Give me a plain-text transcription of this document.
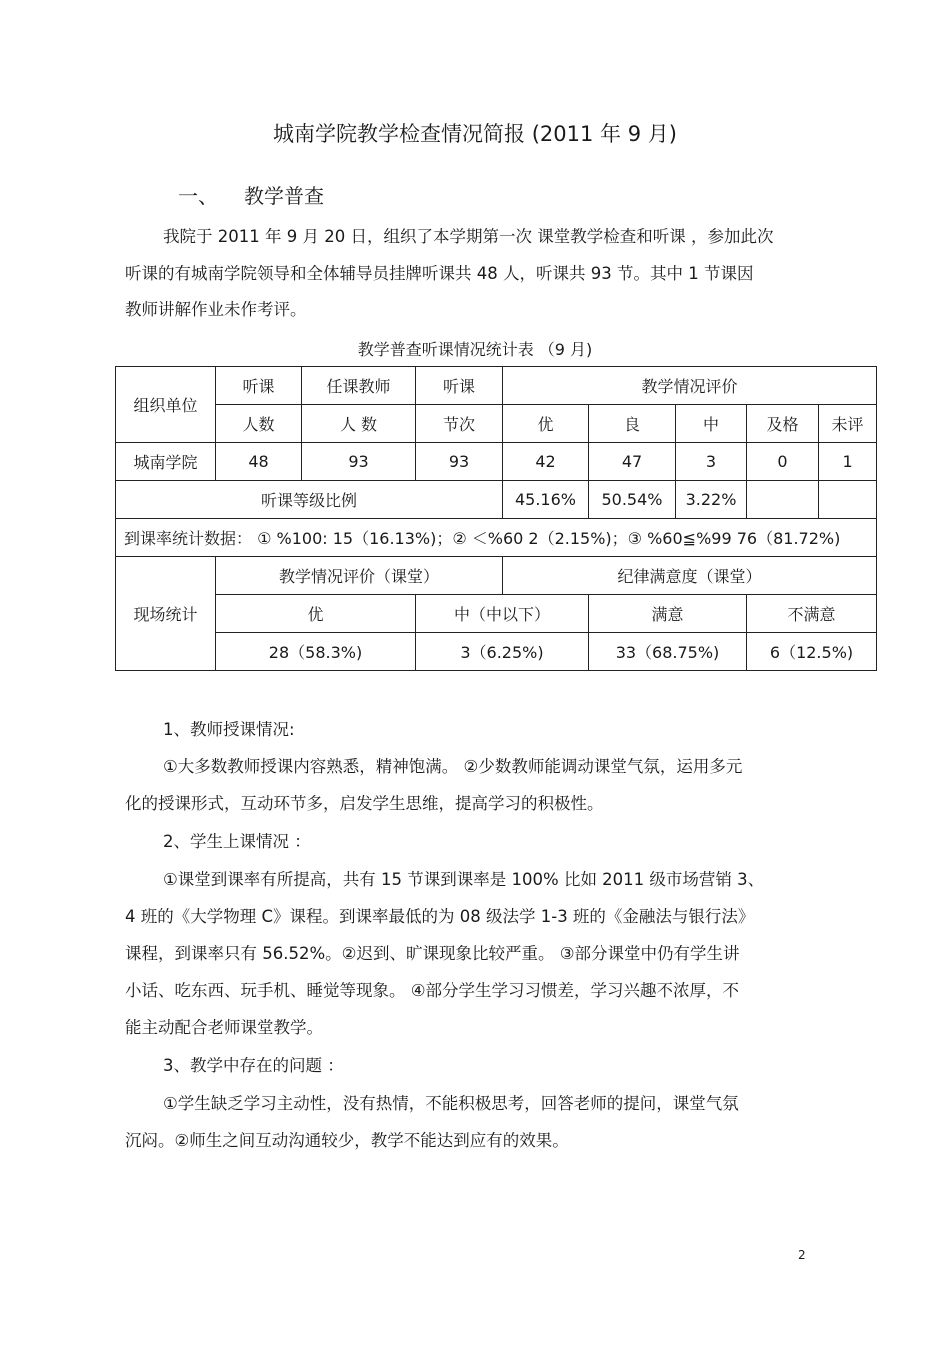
城南学院教学检查情况简报 (2011 年 9 月)
一、 教学普查
我院于 2011 年 9 月 20 日，组织了本学期第一次 课堂教学检查和听课 ，参加此次
听课的有城南学院领导和全体辅导员挂牌听课共 48 人，听课共 93 节。其中 1 节课因
教师讲解作业未作考评。
教学普查听课情况统计表 （9 月)
组织单位	听课	任课教师	听课	教学情况评价				
	人数	人 数	节次	优	良	中	及格	未评
城南学院	48	93	93	42	47	3	0	1
听课等级比例				45.16%	50.54%	3.22%		
到课率统计数据： ① %100: 15（16.13%)；② ＜%60 2（2.15%)；③ %60≦%99 76（81.72%)								
现场统计	教学情况评价（课堂）			纪律满意度（课堂）				
	优		中（中以下）		满意		不满意	
	28（58.3%)		3（6.25%)		33（68.75%)		6（12.5%)	
1、教师授课情况:
①大多数教师授课内容熟悉，精神饱满。 ②少数教师能调动课堂气氛，运用多元
化的授课形式，互动环节多，启发学生思维，提高学习的积极性。
2、学生上课情况 ：
①课堂到课率有所提高，共有 15 节课到课率是 100% 比如 2011 级市场营销 3、
4 班的《大学物理 C》课程。到课率最低的为 08 级法学 1-3 班的《金融法与银行法》
课程，到课率只有 56.52%。②迟到、旷课现象比较严重。 ③部分课堂中仍有学生讲
小话、吃东西、玩手机、睡觉等现象。 ④部分学生学习习惯差，学习兴趣不浓厚，不
能主动配合老师课堂教学。
3、教学中存在的问题 ：
①学生缺乏学习主动性，没有热情，不能积极思考，回答老师的提问，课堂气氛
沉闷。②师生之间互动沟通较少，教学不能达到应有的效果。
2
